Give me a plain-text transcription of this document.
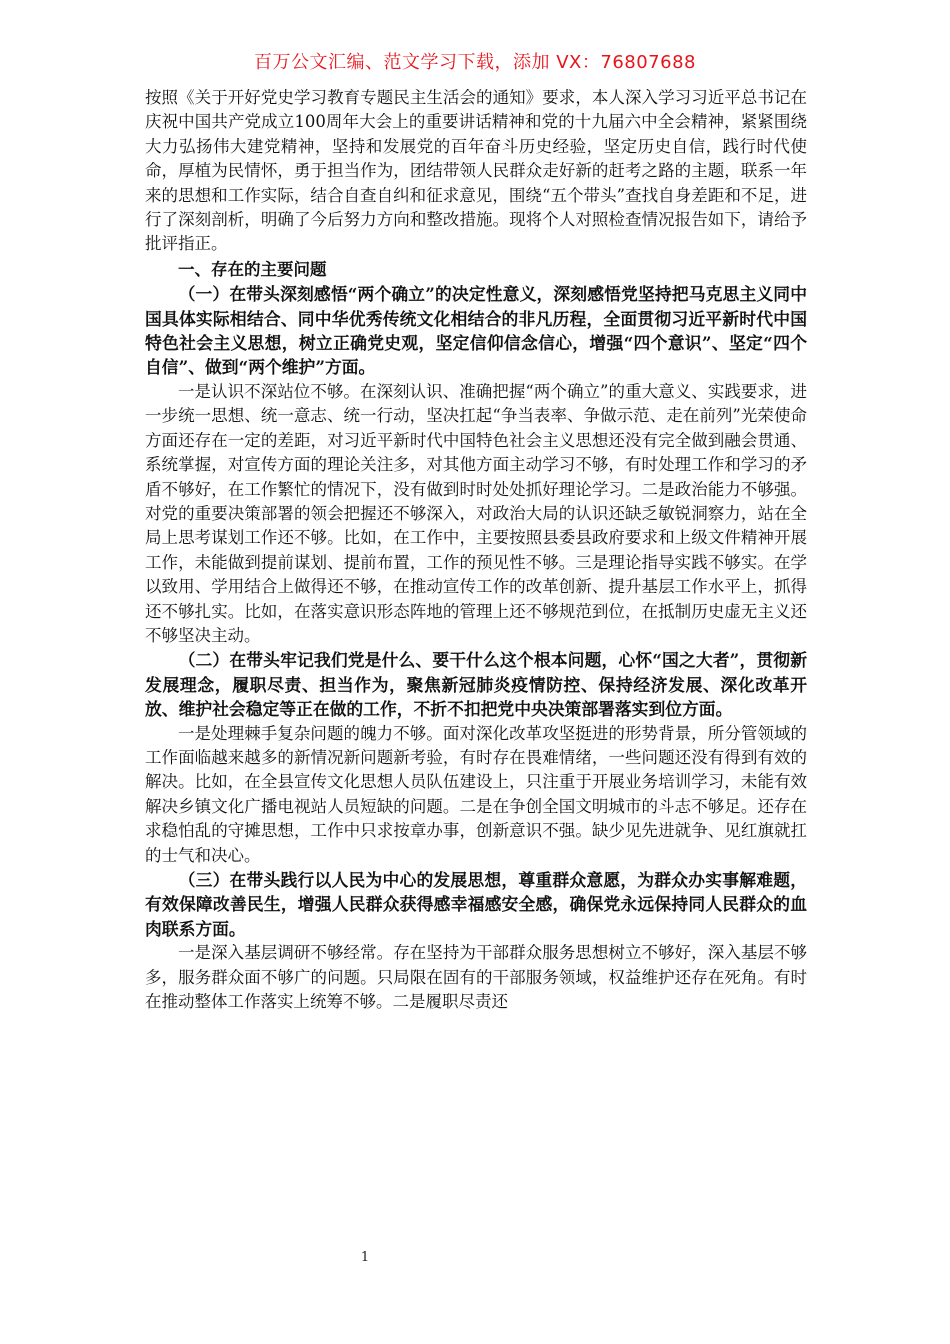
百万公文汇编、范文学习下载，添加 VX：76807688

按照《关于开好党史学习教育专题民主生活会的通知》要求，本人深入学习习近平总书记在庆祝中国共产党成立100周年大会上的重要讲话精神和党的十九届六中全会精神，紧紧围绕大力弘扬伟大建党精神，坚持和发展党的百年奋斗历史经验，坚定历史自信，践行时代使命，厚植为民情怀，勇于担当作为，团结带领人民群众走好新的赶考之路的主题，联系一年来的思想和工作实际，结合自查自纠和征求意见，围绕“五个带头”查找自身差距和不足，进行了深刻剖析，明确了今后努力方向和整改措施。现将个人对照检查情况报告如下，请给予批评指正。

一、存在的主要问题

（一）在带头深刻感悟“两个确立”的决定性意义，深刻感悟党坚持把马克思主义同中国具体实际相结合、同中华优秀传统文化相结合的非凡历程，全面贯彻习近平新时代中国特色社会主义思想，树立正确党史观，坚定信仰信念信心，增强“四个意识”、坚定“四个自信”、做到“两个维护”方面。

一是认识不深站位不够。在深刻认识、准确把握“两个确立”的重大意义、实践要求，进一步统一思想、统一意志、统一行动，坚决扛起“争当表率、争做示范、走在前列”光荣使命方面还存在一定的差距，对习近平新时代中国特色社会主义思想还没有完全做到融会贯通、系统掌握，对宣传方面的理论关注多，对其他方面主动学习不够，有时处理工作和学习的矛盾不够好，在工作繁忙的情况下，没有做到时时处处抓好理论学习。二是政治能力不够强。对党的重要决策部署的领会把握还不够深入，对政治大局的认识还缺乏敏锐洞察力，站在全局上思考谋划工作还不够。比如，在工作中，主要按照县委县政府要求和上级文件精神开展工作，未能做到提前谋划、提前布置，工作的预见性不够。三是理论指导实践不够实。在学以致用、学用结合上做得还不够，在推动宣传工作的改革创新、提升基层工作水平上，抓得还不够扎实。比如，在落实意识形态阵地的管理上还不够规范到位，在抵制历史虚无主义还不够坚决主动。

（二）在带头牢记我们党是什么、要干什么这个根本问题，心怀“国之大者”，贯彻新发展理念，履职尽责、担当作为，聚焦新冠肺炎疫情防控、保持经济发展、深化改革开放、维护社会稳定等正在做的工作，不折不扣把党中央决策部署落实到位方面。

一是处理棘手复杂问题的魄力不够。面对深化改革攻坚挺进的形势背景，所分管领域的工作面临越来越多的新情况新问题新考验，有时存在畏难情绪，一些问题还没有得到有效的解决。比如，在全县宣传文化思想人员队伍建设上，只注重于开展业务培训学习，未能有效解决乡镇文化广播电视站人员短缺的问题。二是在争创全国文明城市的斗志不够足。还存在求稳怕乱的守摊思想，工作中只求按章办事，创新意识不强。缺少见先进就争、见红旗就扛的士气和决心。

（三）在带头践行以人民为中心的发展思想，尊重群众意愿，为群众办实事解难题，有效保障改善民生，增强人民群众获得感幸福感安全感，确保党永远保持同人民群众的血肉联系方面。

一是深入基层调研不够经常。存在坚持为干部群众服务思想树立不够好，深入基层不够多，服务群众面不够广的问题。只局限在固有的干部服务领域，权益维护还存在死角。有时在推动整体工作落实上统筹不够。二是履职尽责还

1
